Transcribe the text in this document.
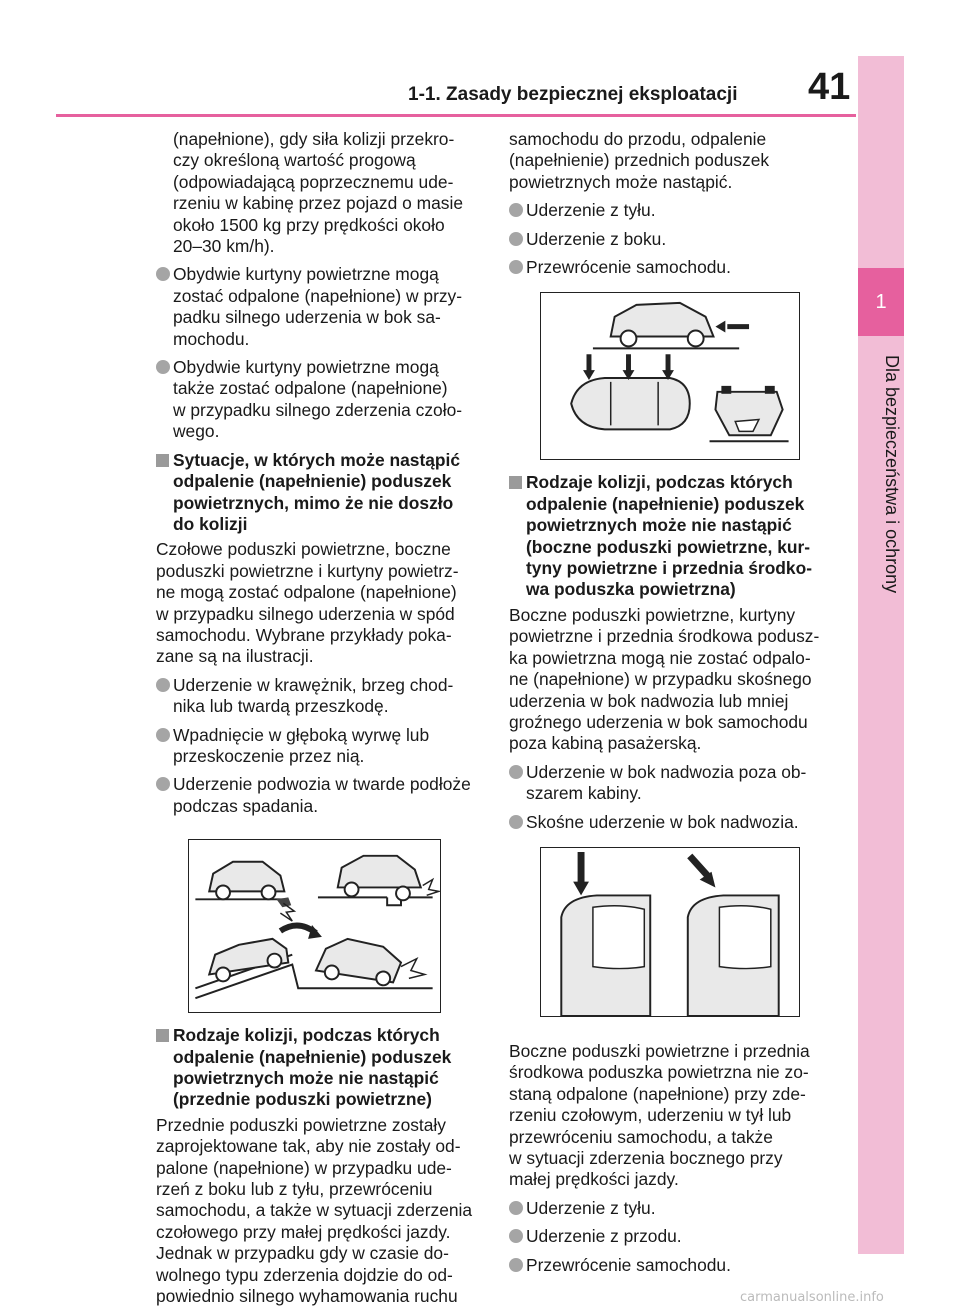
1-1. Zasady bezpiecznej eksploatacji 41
1
Dla bezpieczeństwa i ochrony
(napełnione), gdy siła kolizji przekro-
czy określoną wartość progową
(odpowiadającą poprzecznemu ude-
rzeniu w kabinę przez pojazd o masie
około 1500 kg przy prędkości około
20–30 km/h).
Obydwie kurtyny powietrzne mogą
zostać odpalone (napełnione) w przy-
padku silnego uderzenia w bok sa-
mochodu.
Obydwie kurtyny powietrzne mogą
także zostać odpalone (napełnione)
w przypadku silnego zderzenia czoło-
wego.
Sytuacje, w których może nastąpić
odpalenie (napełnienie) poduszek
powietrznych, mimo że nie doszło
do kolizji
Czołowe poduszki powietrzne, boczne
poduszki powietrzne i kurtyny powietrz-
ne mogą zostać odpalone (napełnione)
w przypadku silnego uderzenia w spód
samochodu. Wybrane przykłady poka-
zane są na ilustracji.
Uderzenie w krawężnik, brzeg chod-
nika lub twardą przeszkodę.
Wpadnięcie w głęboką wyrwę lub
przeskoczenie przez nią.
Uderzenie podwozia w twarde podłoże
podczas spadania.
Rodzaje kolizji, podczas których
odpalenie (napełnienie) poduszek
powietrznych może nie nastąpić
(przednie poduszki powietrzne)
Przednie poduszki powietrzne zostały
zaprojektowane tak, aby nie zostały od-
palone (napełnione) w przypadku ude-
rzeń z boku lub z tyłu, przewróceniu
samochodu, a także w sytuacji zderzenia
czołowego przy małej prędkości jazdy.
Jednak w przypadku gdy w czasie do-
wolnego typu zderzenia dojdzie do od-
powiednio silnego wyhamowania ruchu
samochodu do przodu, odpalenie
(napełnienie) przednich poduszek
powietrznych może nastąpić.
Uderzenie z tyłu.
Uderzenie z boku.
Przewrócenie samochodu.
Rodzaje kolizji, podczas których
odpalenie (napełnienie) poduszek
powietrznych może nie nastąpić
(boczne poduszki powietrzne, kur-
tyny powietrzne i przednia środko-
wa poduszka powietrzna)
Boczne poduszki powietrzne, kurtyny
powietrzne i przednia środkowa podusz-
ka powietrzna mogą nie zostać odpalo-
ne (napełnione) w przypadku skośnego
uderzenia w bok nadwozia lub mniej
groźnego uderzenia w bok samochodu
poza kabiną pasażerską.
Uderzenie w bok nadwozia poza ob-
szarem kabiny.
Skośne uderzenie w bok nadwozia.
Boczne poduszki powietrzne i przednia
środkowa poduszka powietrzna nie zo-
staną odpalone (napełnione) przy zde-
rzeniu czołowym, uderzeniu w tył lub
przewróceniu samochodu, a także
w sytuacji zderzenia bocznego przy
małej prędkości jazdy.
Uderzenie z tyłu.
Uderzenie z przodu.
Przewrócenie samochodu.
carmanualsonline.info
